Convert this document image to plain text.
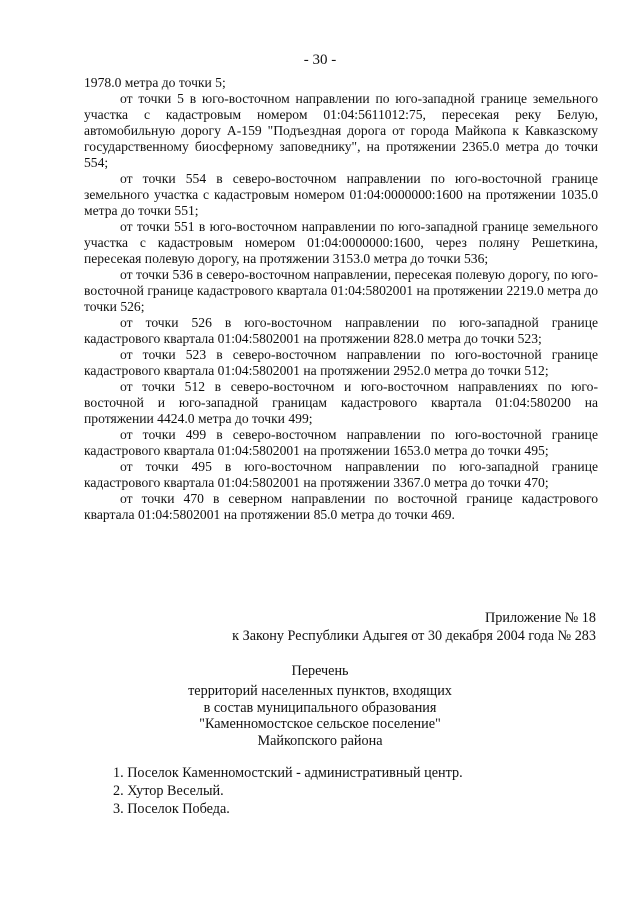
- 30 -

1978.0 метра до точки 5;

от точки 5 в юго-восточном направлении по юго-западной границе земельного участка с кадастровым номером 01:04:5611012:75, пересекая реку Белую, автомобильную дорогу А-159 "Подъездная дорога от города Майкопа к Кавказскому государственному биосферному заповеднику", на протяжении 2365.0 метра до точки 554;

от точки 554 в северо-восточном направлении по юго-восточной границе земельного участка с кадастровым номером 01:04:0000000:1600 на протяжении 1035.0 метра до точки 551;

от точки 551 в юго-восточном направлении по юго-западной границе земельного участка с кадастровым номером 01:04:0000000:1600, через поляну Решеткина, пересекая полевую дорогу, на протяжении 3153.0 метра до точки 536;

от точки 536 в северо-восточном направлении, пересекая полевую дорогу, по юго-восточной границе кадастрового квартала 01:04:5802001 на протяжении 2219.0 метра до точки 526;

от точки 526 в юго-восточном направлении по юго-западной границе кадастрового квартала 01:04:5802001 на протяжении 828.0 метра до точки 523;

от точки 523 в северо-восточном направлении по юго-восточной границе кадастрового квартала 01:04:5802001 на протяжении 2952.0 метра до точки 512;

от точки 512 в северо-восточном и юго-восточном направлениях по юго-восточной и юго-западной границам кадастрового квартала 01:04:580200 на протяжении 4424.0 метра до точки 499;

от точки 499 в северо-восточном направлении по юго-восточной границе кадастрового квартала 01:04:5802001 на протяжении 1653.0 метра до точки 495;

от точки 495 в юго-восточном направлении по юго-западной границе кадастрового квартала 01:04:5802001 на протяжении 3367.0 метра до точки 470;

от точки 470 в северном направлении по восточной границе кадастрового квартала 01:04:5802001 на протяжении 85.0 метра до точки 469.

Приложение № 18
к Закону Республики Адыгея от 30 декабря 2004 года № 283
Перечень
территорий населенных пунктов, входящих
в состав муниципального образования
"Каменномостское сельское поселение"
Майкопского района
1. Поселок Каменномостский - административный центр.
2. Хутор Веселый.
3. Поселок Победа.
